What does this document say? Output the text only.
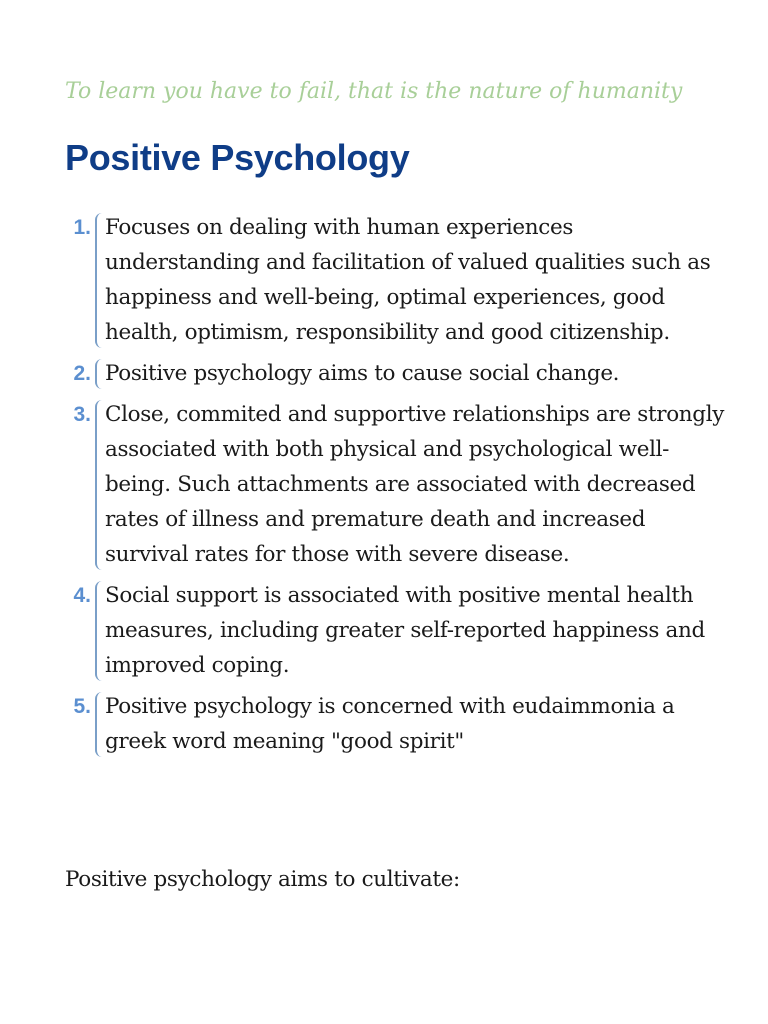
To learn you have to fail, that is the nature of humanity
Positive Psychology
1. Focuses on dealing with human experiences understanding and facilitation of valued qualities such as happiness and well-being, optimal experiences, good health, optimism, responsibility and good citizenship.
2. Positive psychology aims to cause social change.
3. Close, commited and supportive relationships are strongly associated with both physical and psychological well-being. Such attachments are associated with decreased rates of illness and premature death and increased survival rates for those with severe disease.
4. Social support is associated with positive mental health measures, including greater self-reported happiness and improved coping.
5. Positive psychology is concerned with eudaimmonia a greek word meaning "good spirit"
Positive psychology aims to cultivate:
